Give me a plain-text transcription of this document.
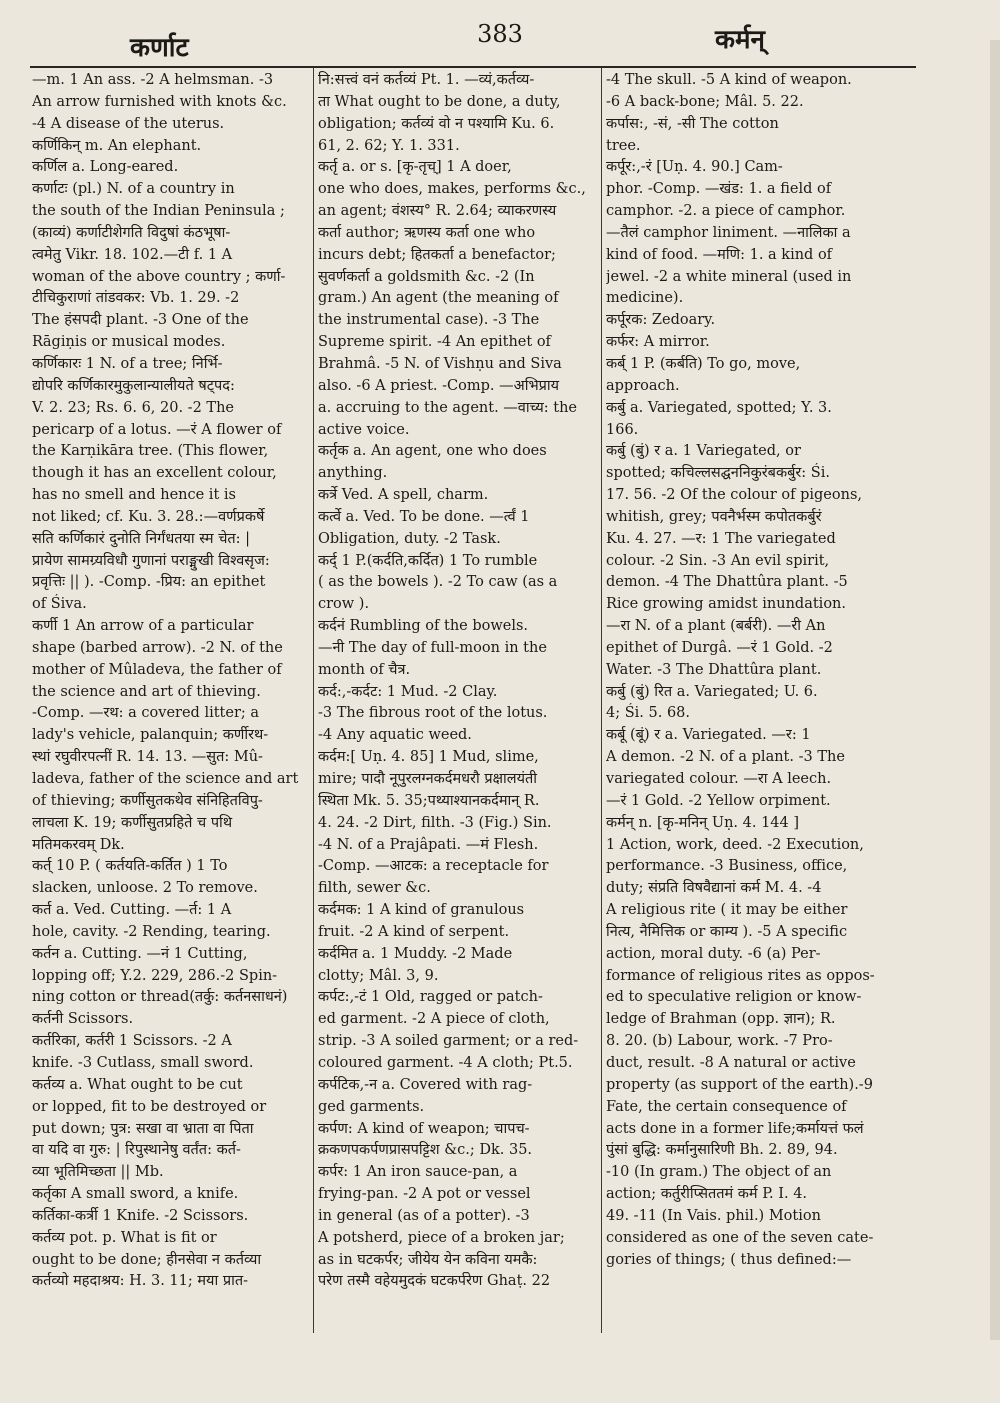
कर्णाट	383	कर्मन्
—m. 1 An ass. -2 A helmsman. -3
An arrow furnished with knots &c.
-4 A disease of the uterus.
कर्णिकिन् m. An elephant.
कर्णिल a. Long-eared.
कर्णाटः (pl.) N. of a country in
the south of the Indian Peninsula ;
(काव्यं) कर्णाटीशेगति विदुषां कंठभूषा-
त्वमेतु Vikr. 18. 102.—टी f. 1 A
woman of the above country ; कर्णा-
टीचिकुराणां तांडवकर: Vb. 1. 29. -2
The हंसपदी plant. -3 One of the
Rāgiṇis or musical modes.
कर्णिकारः 1 N. of a tree; निर्भि-
द्योपरि कर्णिकारमुकुलान्यालीयते षट्पद:
V. 2. 23; Rs. 6. 6, 20. -2 The
pericarp of a lotus. —रं A flower of
the Karṇikāra tree. (This flower,
though it has an excellent colour,
has no smell and hence it is
not liked; cf. Ku. 3. 28.:—वर्णप्रकर्षे
सति कर्णिकारं दुनोति निर्गंधतया स्म चेत: |
प्रायेण सामग्र्यविधौ गुणानां पराङ्मुखी विश्वसृज:
प्रवृत्तिः || ). -Comp. -प्रिय: an epithet
of Śiva.
कर्णी 1 An arrow of a particular
shape (barbed arrow). -2 N. of the
mother of Mûladeva, the father of
the science and art of thieving.
-Comp. —रथ: a covered litter; a
lady's vehicle, palanquin; कर्णीरथ-
स्थां रघुवीरपत्नीं R. 14. 13. —सुत: Mû-
ladeva, father of the science and art
of thieving; कर्णीसुतकथेव संनिहितविपु-
लाचला K. 19; कर्णीसुतप्रहिते च पथि
मतिमकरवम् Dk.
कर्त् 10 P. ( कर्तयति-कर्तित ) 1 To
slacken, unloose. 2 To remove.
कर्त a. Ved. Cutting. —र्त: 1 A
hole, cavity. -2 Rending, tearing.
कर्तन a. Cutting. —नं 1 Cutting,
lopping off; Y.2. 229, 286.-2 Spin-
ning cotton or thread(तर्कु: कर्तनसाधनं)
कर्तनी Scissors.
कर्तरिका, कर्तरी 1 Scissors. -2 A
knife. -3 Cutlass, small sword.
कर्तव्य a. What ought to be cut
or lopped, fit to be destroyed or
put down; पुत्र: सखा वा भ्राता वा पिता
वा यदि वा गुरु: | रिपुस्थानेषु वर्तंत: कर्त-
व्या भूतिमिच्छता || Mb.
कर्तृका A small sword, a knife.
कर्तिका-कर्त्री 1 Knife. -2 Scissors.
कर्तव्य pot. p. What is fit or
ought to be done; हीनसेवा न कर्तव्या
कर्तव्यो महदाश्रय: H. 3. 11; मया प्रात-
नि:सत्त्वं वनं कर्तव्यं Pt. 1. —व्यं,कर्तव्य-
ता What ought to be done, a duty,
obligation; कर्तव्यं वो न पश्यामि Ku. 6.
61, 2. 62; Y. 1. 331.
कर्तृ a. or s. [कृ-तृच्] 1 A doer,
one who does, makes, performs &c.,
an agent; वंशस्य° R. 2.64; व्याकरणस्य
कर्ता author; ऋणस्य कर्ता one who
incurs debt; हितकर्ता a benefactor;
सुवर्णकर्ता a goldsmith &c. -2 (In
gram.) An agent (the meaning of
the instrumental case). -3 The
Supreme spirit. -4 An epithet of
Brahmâ. -5 N. of Vishṇu and Siva
also. -6 A priest. -Comp. —अभिप्राय
a. accruing to the agent. —वाच्य: the
active voice.
कर्तृक a. An agent, one who does
anything.
कर्त्रे Ved. A spell, charm.
कर्त्वे a. Ved. To be done. —र्त्वं 1
Obligation, duty. -2 Task.
कर्द् 1 P.(कर्दति,कर्दित) 1 To rumble
( as the bowels ). -2 To caw (as a
crow ).
कर्दनं Rumbling of the bowels.
—नी The day of full-moon in the
month of चैत्र.
कर्द:,-कर्दट: 1 Mud. -2 Clay.
-3 The fibrous root of the lotus.
-4 Any aquatic weed.
कर्दम:[ Uṇ. 4. 85] 1 Mud, slime,
mire; पादौ नूपुरलग्नकर्दमधरौ प्रक्षालयंती
स्थिता Mk. 5. 35;पथ्याश्यानकर्दमान् R.
4. 24. -2 Dirt, filth. -3 (Fig.) Sin.
-4 N. of a Prajâpati. —मं Flesh.
-Comp. —आटक: a receptacle for
filth, sewer &c.
कर्दमक: 1 A kind of granulous
fruit. -2 A kind of serpent.
कर्दमित a. 1 Muddy. -2 Made
clotty; Mâl. 3, 9.
कर्पट:,-टं 1 Old, ragged or patch-
ed garment. -2 A piece of cloth,
strip. -3 A soiled garment; or a red-
coloured garment. -4 A cloth; Pt.5.
कर्पटिक,-न a. Covered with rag-
ged garments.
कर्पण: A kind of weapon; चापच-
क्रकणपकर्पणप्रासपट्टिश &c.; Dk. 35.
कर्पर: 1 An iron sauce-pan, a
frying-pan. -2 A pot or vessel
in general (as of a potter). -3
A potsherd, piece of a broken jar;
as in घटकर्पर; जीयेय येन कविना यमकै:
परेण तस्मै वहेयमुदकं घटकर्परेण Ghaṭ. 22
-4 The skull. -5 A kind of weapon.
-6 A back-bone; Mâl. 5. 22.
कर्पास:, -सं, -सी The cotton
tree.
कर्पूर:,-रं [Uṇ. 4. 90.] Cam-
phor. -Comp. —खंड: 1. a field of
camphor. -2. a piece of camphor.
—तैलं camphor liniment. —नालिका a
kind of food. —मणि: 1. a kind of
jewel. -2 a white mineral (used in
medicine).
कर्पूरक: Zedoary.
कर्फर: A mirror.
कर्ब् 1 P. (कर्बति) To go, move,
approach.
कर्बु a. Variegated, spotted; Y. 3.
166.
कर्बु (बुं) र a. 1 Variegated, or
spotted; कचिल्लसद्घननिकुरंबकर्बुर: Śi.
17. 56. -2 Of the colour of pigeons,
whitish, grey; पवनैर्भस्म कपोतकर्बुरं
Ku. 4. 27. —र: 1 The variegated
colour. -2 Sin. -3 An evil spirit,
demon. -4 The Dhattûra plant. -5
Rice growing amidst inundation.
—रा N. of a plant (बर्बरी). —री An
epithet of Durgâ. —रं 1 Gold. -2
Water. -3 The Dhattûra plant.
कर्बु (बुं) रित a. Variegated; U. 6.
4; Śi. 5. 68.
कर्बू (बूं) र a. Variegated. —र: 1
A demon. -2 N. of a plant. -3 The
variegated colour. —रा A leech.
—रं 1 Gold. -2 Yellow orpiment.
कर्मन् n. [कृ-मनिन् Uṇ. 4. 144 ]
1 Action, work, deed. -2 Execution,
performance. -3 Business, office,
duty; संप्रति विषवैद्यानां कर्म M. 4. -4
A religious rite ( it may be either
नित्य, नैमित्तिक or काम्य ). -5 A specific
action, moral duty. -6 (a) Per-
formance of religious rites as oppos-
ed to speculative religion or know-
ledge of Brahman (opp. ज्ञान); R.
8. 20. (b) Labour, work. -7 Pro-
duct, result. -8 A natural or active
property (as support of the earth).-9
Fate, the certain consequence of
acts done in a former life;कर्मायत्तं फलं
पुंसां बुद्धि: कर्मानुसारिणी Bh. 2. 89, 94.
-10 (In gram.) The object of an
action; कर्तुरीप्सिततमं कर्म P. I. 4.
49. -11 (In Vais. phil.) Motion
considered as one of the seven cate-
gories of things; ( thus defined:—
